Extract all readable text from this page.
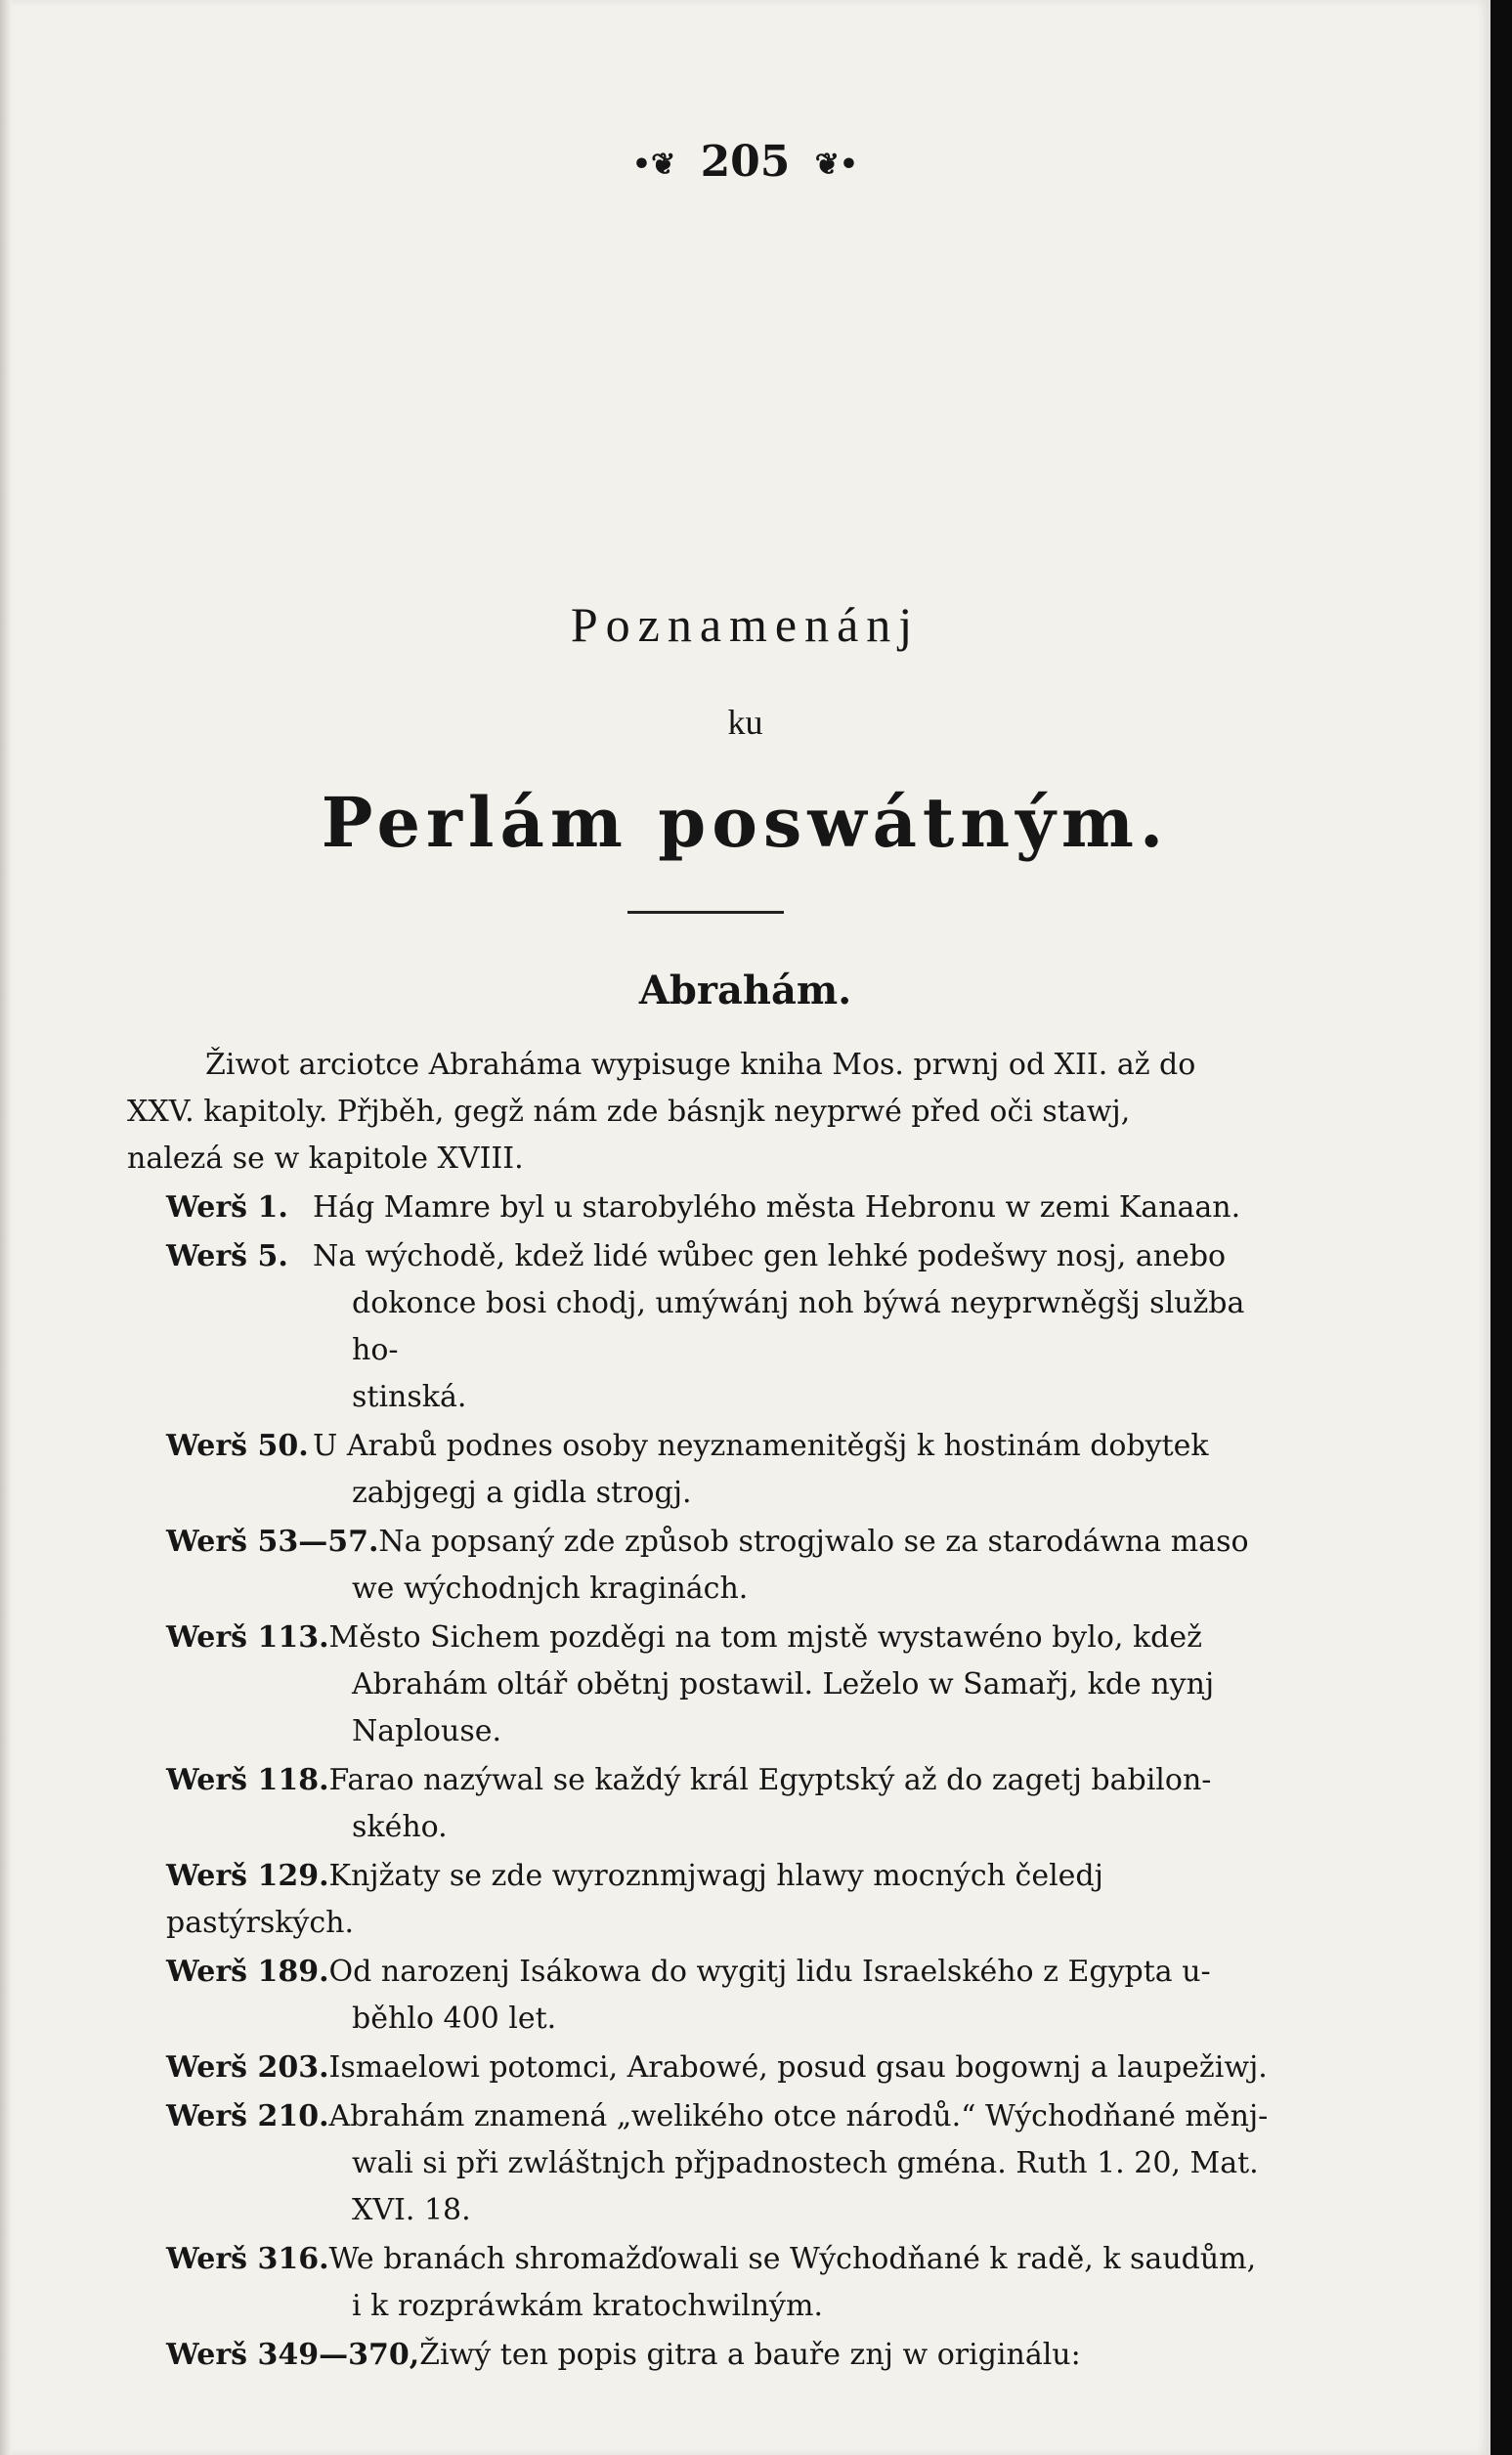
•❦ 205 ❦•
Poznamenánj
ku
Perlám poswátným.
Abrahám.

Žiwot arciotce Abrahámа wypisuge kniha Mos. prwnj od XII. až do

XXV. kapitoly. Přjběh, gegž nám zde básnjk neyprwé před oči stawj,

nalezá se w kapitole XVIII.

Werš 1.Hág Mamre byl u starobylého města Hebronu w zemi Kanaan.
Werš 5.Na wýchodě, kdež lidé wůbec gen lehké podešwy nosj, anebo
dokonce bosi chodj, umýwánj noh býwá neyprwněgšj služba ho-
stinská.
Werš 50.U Arabů podnes osoby neyznamenitěgšj k hostinám dobytek
zabjgegj a gidla strogj.
Werš 53—57.Na popsaný zde způsob strogjwalo se za starodáwna maso
we wýchodnjch kraginách.
Werš 113.Město Sichem pozděgi na tom mjstě wystawéno bylo, kdež
Abrahám oltář obětnj postawil. Leželo w Samařj, kde nynj
Naplouse.
Werš 118.Farao nazýwal se každý král Egyptský až do zagetj babilon-
ského.
Werš 129.Knjžaty se zde wyroznmjwagj hlawy mocných čeledj pastýrských.
Werš 189.Od narozenj Isákowa do wygitj lidu Israelského z Egypta u-
běhlo 400 let.
Werš 203.Ismaelowi potomci, Arabowé, posud gsau bogownj a laupežiwj.
Werš 210.Abrahám znamená „welikého otce národů.“ Wýchodňané měnj-
wali si při zwláštnjch přjpadnostech gména. Ruth 1. 20, Mat.
XVI. 18.
Werš 316.We branách shromažďowali se Wýchodňané k radě, k saudům,
i k rozpráwkám kratochwilným.
Werš 349—370,Žiwý ten popis gitra a bauře znj w originálu:
